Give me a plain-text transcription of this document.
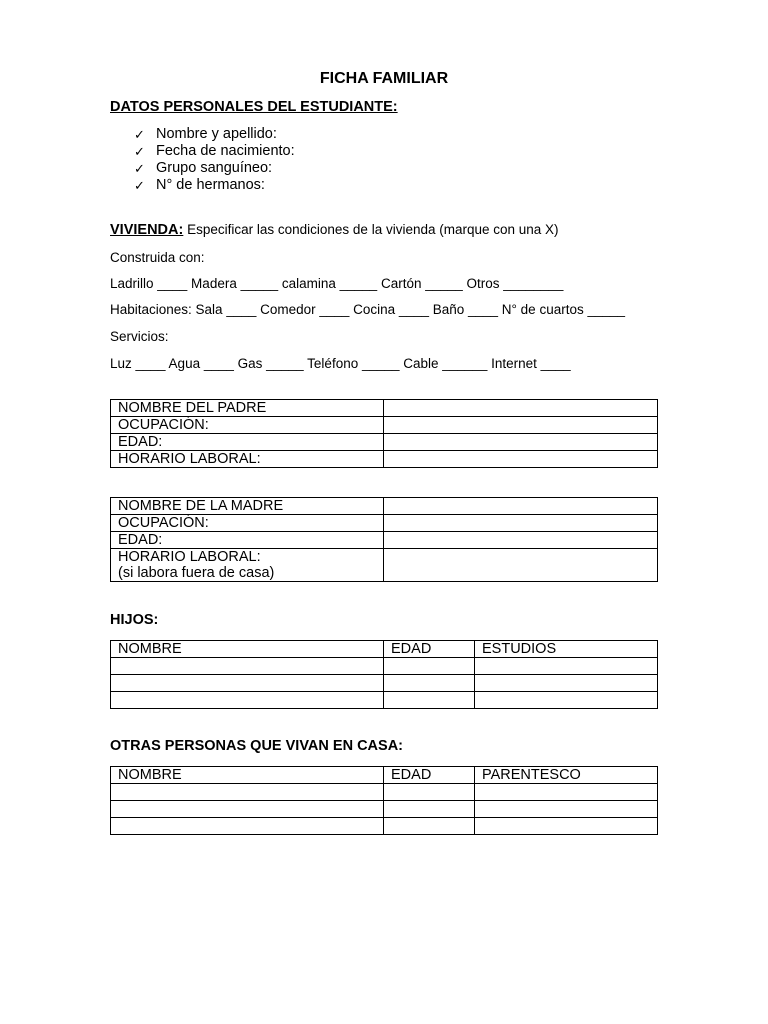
FICHA FAMILIAR
DATOS PERSONALES DEL ESTUDIANTE:
✓ Nombre y apellido:
✓ Fecha de nacimiento:
✓ Grupo sanguíneo:
✓ N° de hermanos:
VIVIENDA: Especificar las condiciones de la vivienda (marque con una X)
Construida con:
Ladrillo ____ Madera _____ calamina _____ Cartón _____ Otros ________
Habitaciones: Sala ____ Comedor ____ Cocina ____ Baño ____ N° de cuartos _____
Servicios:
Luz ____ Agua ____ Gas _____ Teléfono _____ Cable ______ Internet ____
NOMBRE DEL PADRE	
OCUPACIÓN:	
EDAD:	
HORARIO LABORAL:	
NOMBRE DE LA MADRE	
OCUPACIÓN:	
EDAD:	

HORARIO LABORAL:
(si labora fuera de casa)	

HIJOS:
NOMBRE	EDAD	ESTUDIOS

OTRAS PERSONAS QUE VIVAN EN CASA:
NOMBRE	EDAD	PARENTESCO
